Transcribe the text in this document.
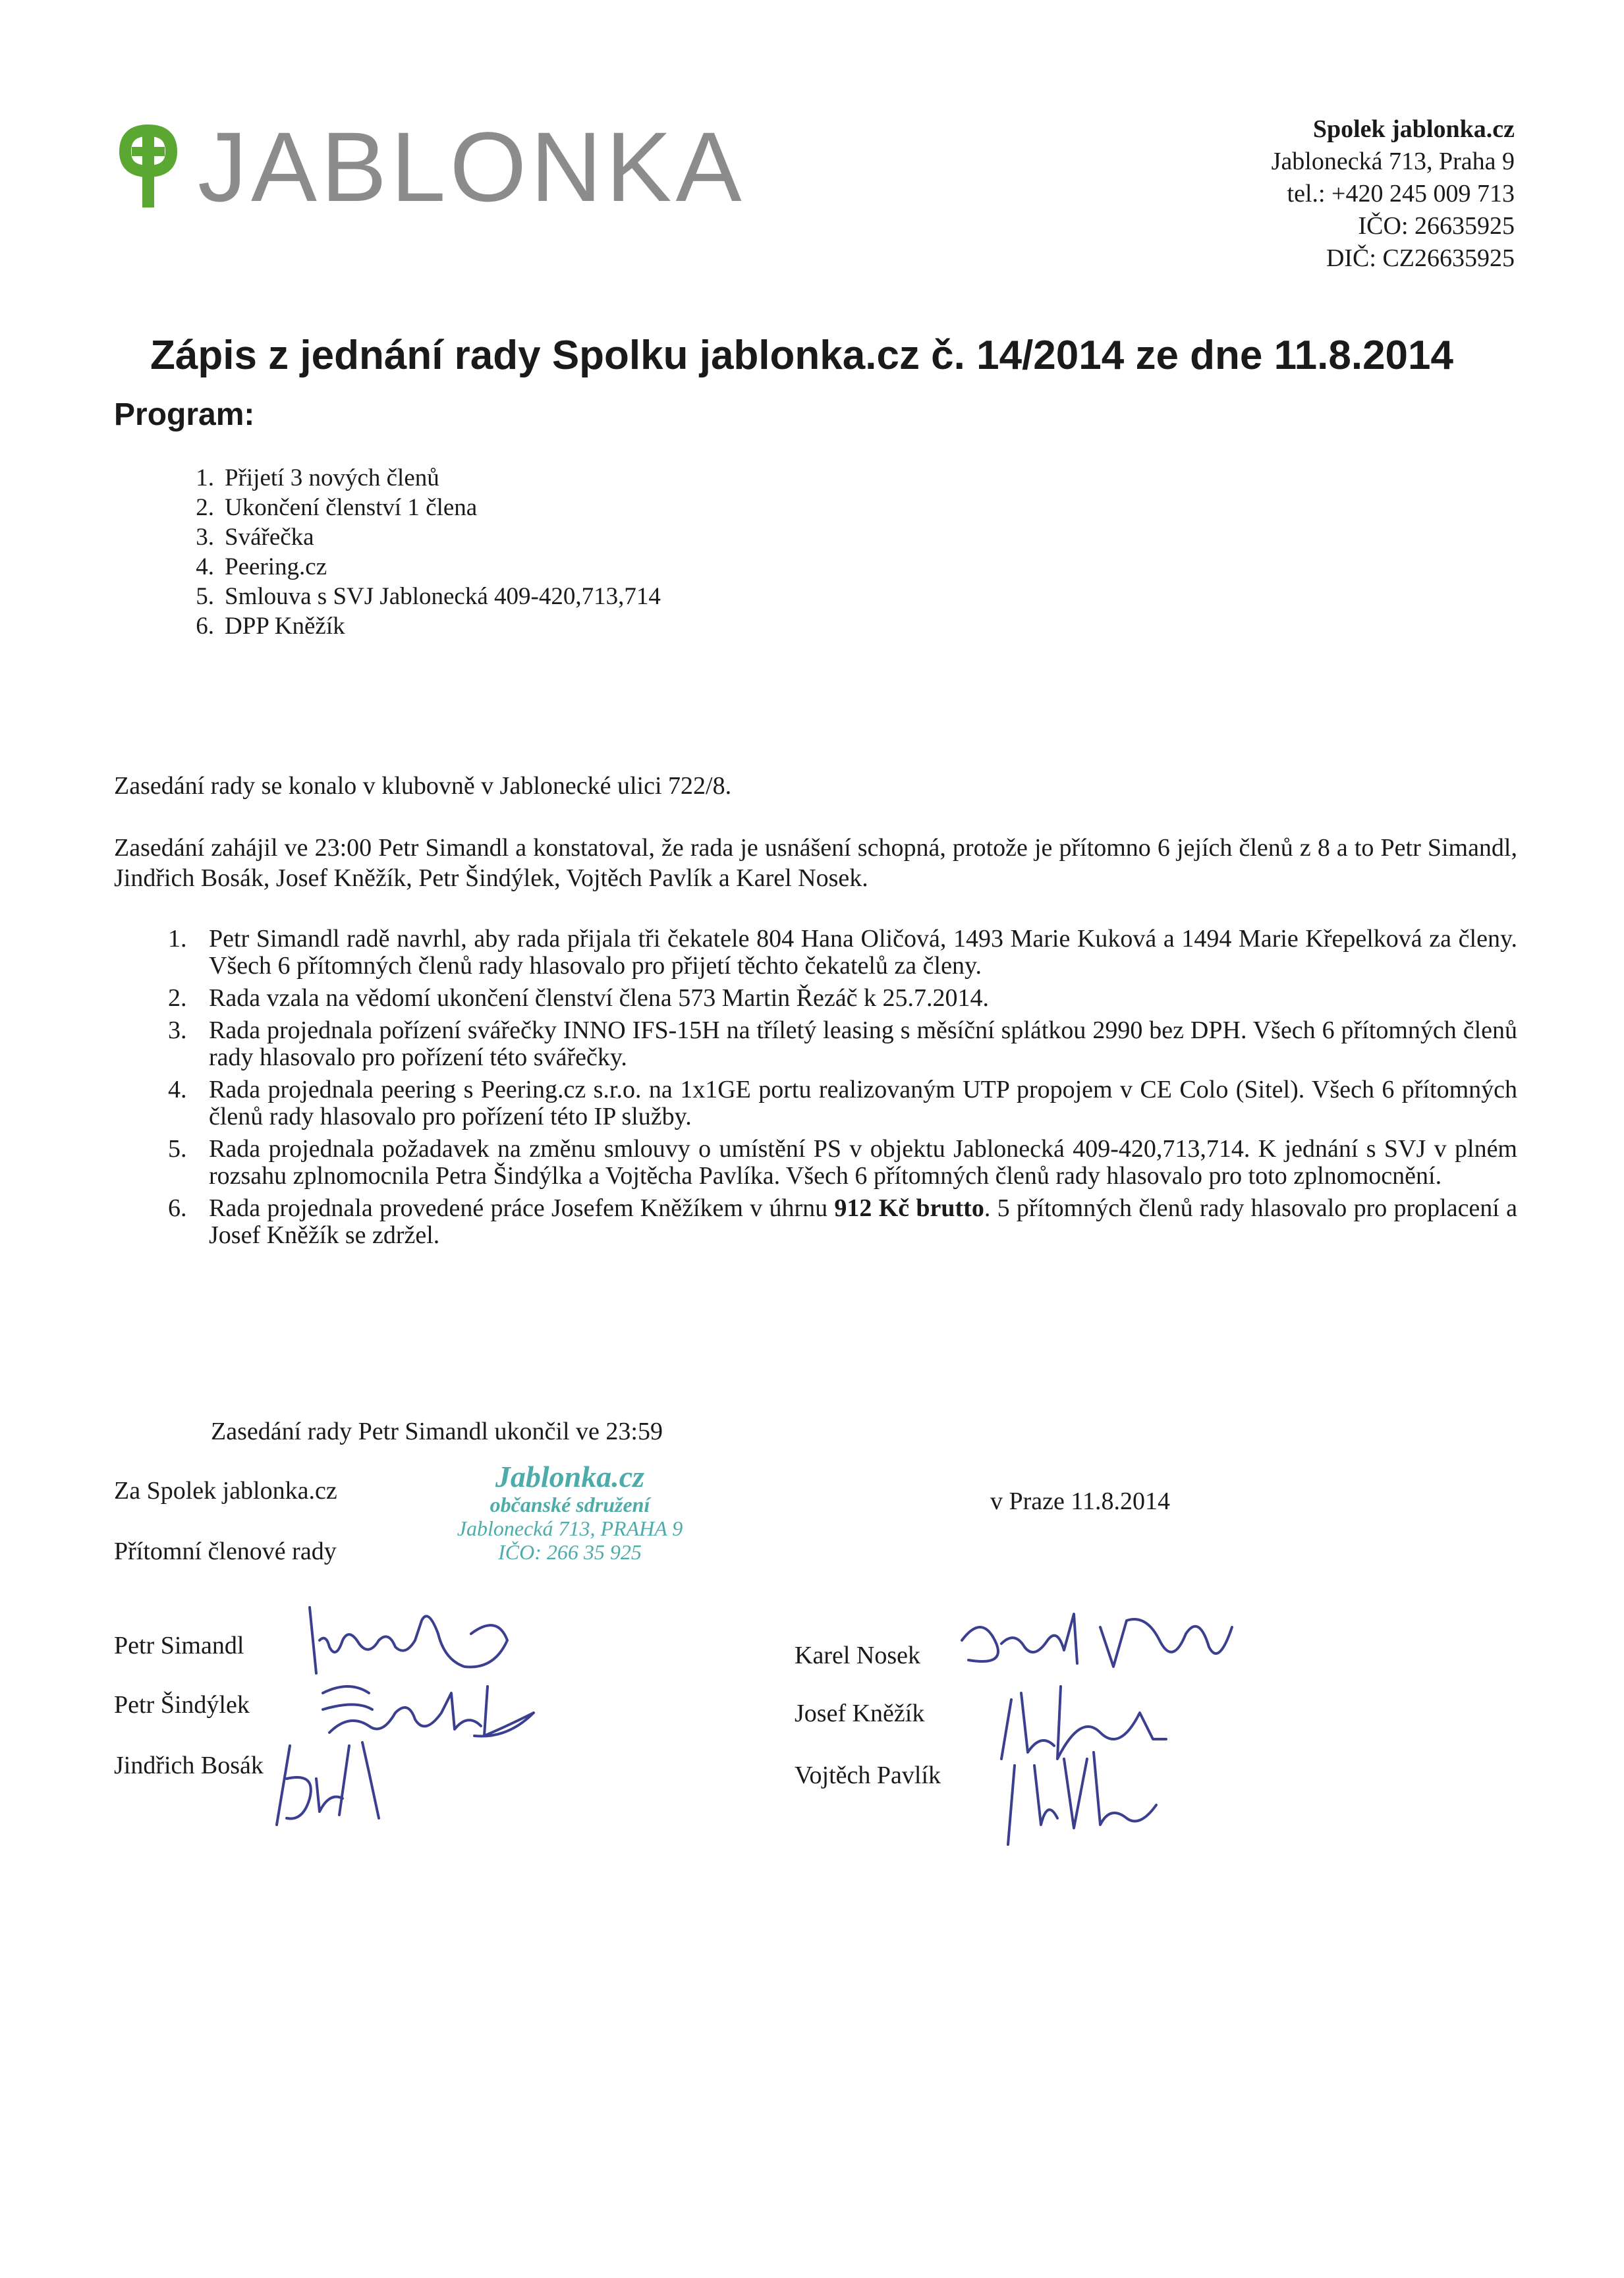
JABLONKA	Spolek jablonka.cz
Jablonecká 713, Praha 9
tel.: +420 245 009 713
IČO: 26635925
DIČ: CZ26635925
Zápis z jednání rady Spolku jablonka.cz č. 14/2014 ze dne 11.8.2014
Program:
1. Přijetí 3 nových členů
2. Ukončení členství 1 člena
3. Svářečka
4. Peering.cz
5. Smlouva s SVJ Jablonecká 409-420,713,714
6. DPP Kněžík
Zasedání rady se konalo v klubovně v Jablonecké ulici 722/8.
Zasedání zahájil ve 23:00 Petr Simandl a konstatoval, že rada je usnášení schopná, protože je přítomno 6 jejích členů z 8 a to Petr Simandl, Jindřich Bosák, Josef Kněžík, Petr Šindýlek, Vojtěch Pavlík a Karel Nosek.
1. Petr Simandl radě navrhl, aby rada přijala tři čekatele 804 Hana Oličová, 1493 Marie Kuková a 1494 Marie Křepelková za členy. Všech 6 přítomných členů rady hlasovalo pro přijetí těchto čekatelů za členy.
2. Rada vzala na vědomí ukončení členství člena 573 Martin Řezáč k 25.7.2014.
3. Rada projednala pořízení svářečky INNO IFS-15H na tříletý leasing s měsíční splátkou 2990 bez DPH. Všech 6 přítomných členů rady hlasovalo pro pořízení této svářečky.
4. Rada projednala peering s Peering.cz s.r.o. na 1x1GE portu realizovaným UTP propojem v CE Colo (Sitel). Všech 6 přítomných členů rady hlasovalo pro pořízení této IP služby.
5. Rada projednala požadavek na změnu smlouvy o umístění PS v objektu Jablonecká 409-420,713,714. K jednání s SVJ v plném rozsahu zplnomocnila Petra Šindýlka a Vojtěcha Pavlíka. Všech 6 přítomných členů rady hlasovalo pro toto zplnomocnění.
6. Rada projednala provedené práce Josefem Kněžíkem v úhrnu 912 Kč brutto. 5 přítomných členů rady hlasovalo pro proplacení a Josef Kněžík se zdržel.
Zasedání rady Petr Simandl ukončil ve 23:59
Za Spolek jablonka.cz
Přítomní členové rady
v Praze 11.8.2014
Jablonka.cz
občanské sdružení
Jablonecká 713, PRAHA 9
IČO: 266 35 925
Petr Simandl
Petr Šindýlek
Jindřich Bosák
Karel Nosek
Josef Kněžík
Vojtěch Pavlík
